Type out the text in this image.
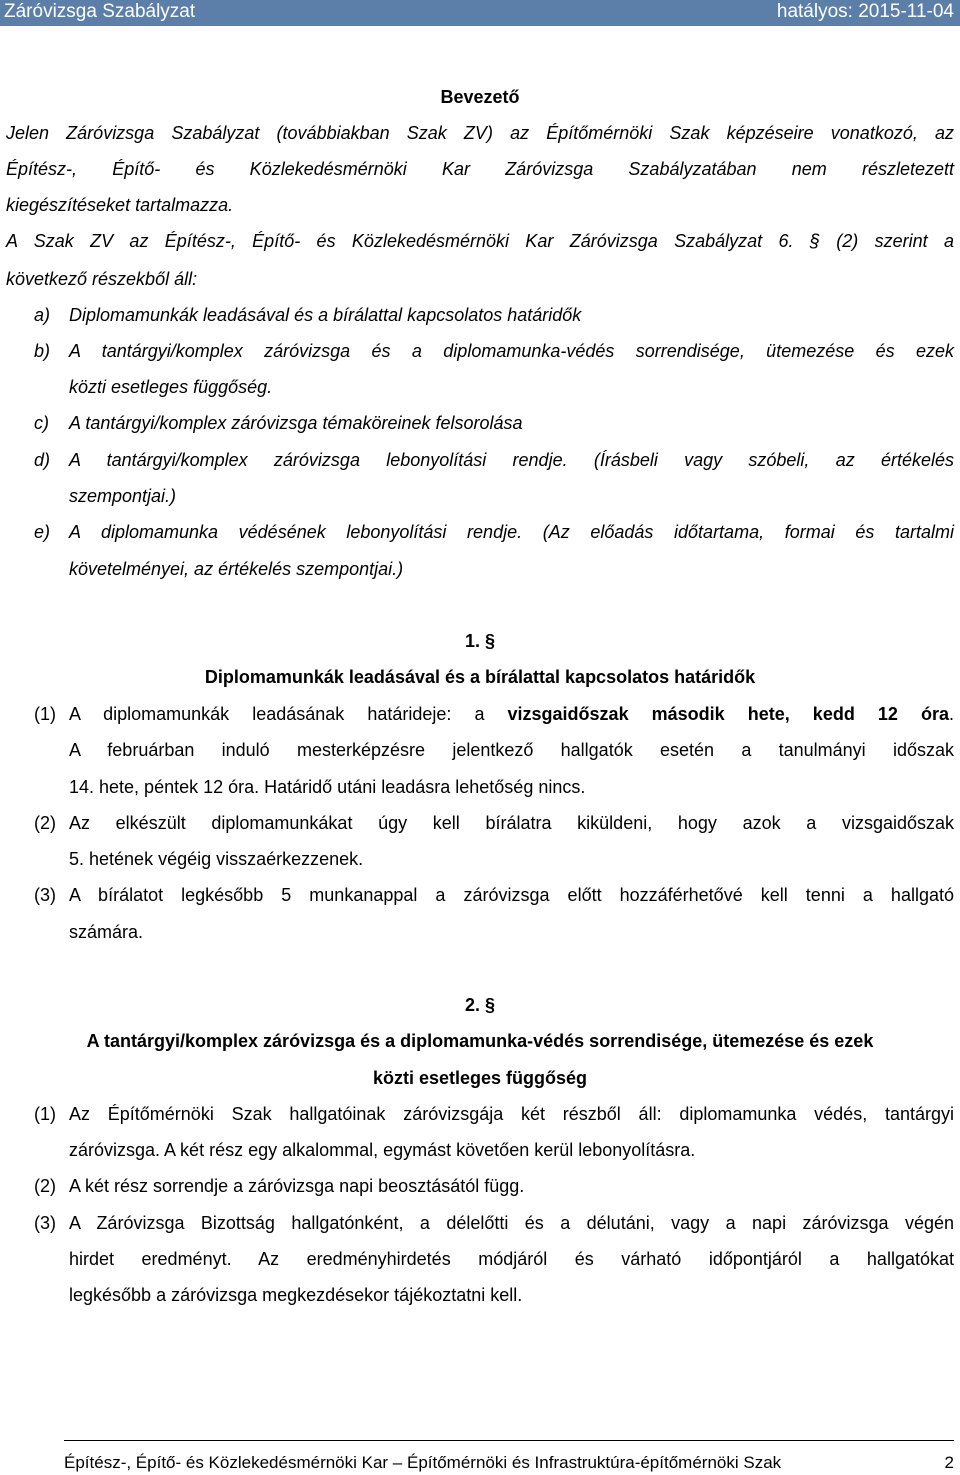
Záróvizsga Szabályzat	hatályos: 2015-11-04
Bevezető
Jelen Záróvizsga Szabályzat (továbbiakban Szak ZV) az Építőmérnöki Szak képzéseire vonatkozó, az
Építész-, Építő- és Közlekedésmérnöki Kar Záróvizsga Szabályzatában nem részletezett
kiegészítéseket tartalmazza.
A Szak ZV az Építész-, Építő- és Közlekedésmérnöki Kar Záróvizsga Szabályzat 6. § (2) szerint a
következő részekből áll:
a) Diplomamunkák leadásával és a bírálattal kapcsolatos határidők
b) A tantárgyi/komplex záróvizsga és a diplomamunka-védés sorrendisége, ütemezése és ezek
közti esetleges függőség.
c) A tantárgyi/komplex záróvizsga témaköreinek felsorolása
d) A tantárgyi/komplex záróvizsga lebonyolítási rendje. (Írásbeli vagy szóbeli, az értékelés
szempontjai.)
e) A diplomamunka védésének lebonyolítási rendje. (Az előadás időtartama, formai és tartalmi
követelményei, az értékelés szempontjai.)
1. §
Diplomamunkák leadásával és a bírálattal kapcsolatos határidők
(1) A diplomamunkák leadásának határideje: a vizsgaidőszak második hete, kedd 12 óra.
A februárban induló mesterképzésre jelentkező hallgatók esetén a tanulmányi időszak
14. hete, péntek 12 óra. Határidő utáni leadásra lehetőség nincs.
(2) Az elkészült diplomamunkákat úgy kell bírálatra kiküldeni, hogy azok a vizsgaidőszak
5. hetének végéig visszaérkezzenek.
(3) A bírálatot legkésőbb 5 munkanappal a záróvizsga előtt hozzáférhetővé kell tenni a hallgató
számára.
2. §
A tantárgyi/komplex záróvizsga és a diplomamunka-védés sorrendisége, ütemezése és ezek
közti esetleges függőség
(1) Az Építőmérnöki Szak hallgatóinak záróvizsgája két részből áll: diplomamunka védés, tantárgyi
záróvizsga. A két rész egy alkalommal, egymást követően kerül lebonyolításra.
(2) A két rész sorrendje a záróvizsga napi beosztásától függ.
(3) A Záróvizsga Bizottság hallgatónként, a délelőtti és a délutáni, vagy a napi záróvizsga végén
hirdet eredményt. Az eredményhirdetés módjáról és várható időpontjáról a hallgatókat
legkésőbb a záróvizsga megkezdésekor tájékoztatni kell.
Építész-, Építő- és Közlekedésmérnöki Kar – Építőmérnöki és Infrastruktúra-építőmérnöki Szak	2
